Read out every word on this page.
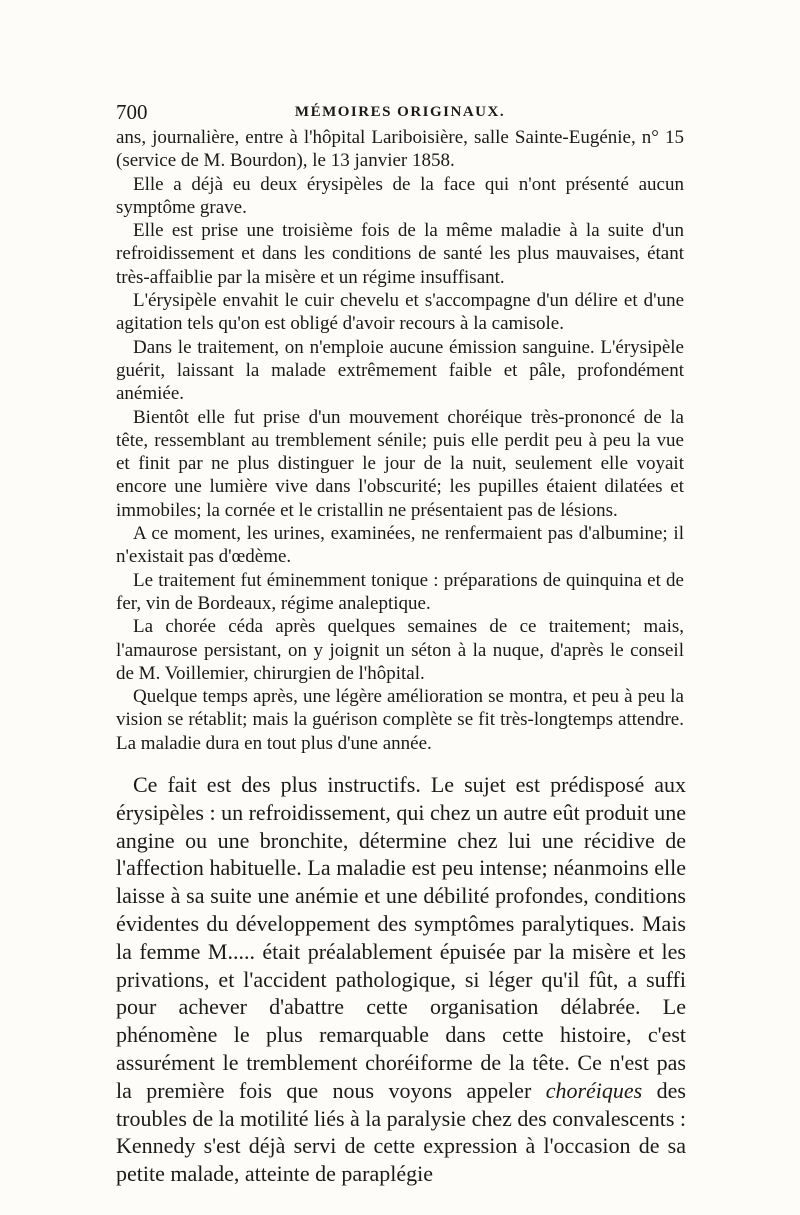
700	MÉMOIRES ORIGINAUX.

ans, journalière, entre à l'hôpital Lariboisière, salle Sainte-Eugénie, n° 15 (service de M. Bourdon), le 13 janvier 1858.

Elle a déjà eu deux érysipèles de la face qui n'ont présenté aucun symptôme grave.

Elle est prise une troisième fois de la même maladie à la suite d'un refroidissement et dans les conditions de santé les plus mauvaises, étant très-affaiblie par la misère et un régime insuffisant.

L'érysipèle envahit le cuir chevelu et s'accompagne d'un délire et d'une agitation tels qu'on est obligé d'avoir recours à la camisole.

Dans le traitement, on n'emploie aucune émission sanguine. L'érysipèle guérit, laissant la malade extrêmement faible et pâle, profondément anémiée.

Bientôt elle fut prise d'un mouvement choréique très-prononcé de la tête, ressemblant au tremblement sénile; puis elle perdit peu à peu la vue et finit par ne plus distinguer le jour de la nuit, seulement elle voyait encore une lumière vive dans l'obscurité; les pupilles étaient dilatées et immobiles; la cornée et le cristallin ne présentaient pas de lésions.

A ce moment, les urines, examinées, ne renfermaient pas d'albumine; il n'existait pas d'œdème.

Le traitement fut éminemment tonique : préparations de quinquina et de fer, vin de Bordeaux, régime analeptique.

La chorée céda après quelques semaines de ce traitement; mais, l'amaurose persistant, on y joignit un séton à la nuque, d'après le conseil de M. Voillemier, chirurgien de l'hôpital.

Quelque temps après, une légère amélioration se montra, et peu à peu la vision se rétablit; mais la guérison complète se fit très-longtemps attendre. La maladie dura en tout plus d'une année.

Ce fait est des plus instructifs. Le sujet est prédisposé aux érysipèles : un refroidissement, qui chez un autre eût produit une angine ou une bronchite, détermine chez lui une récidive de l'affection habituelle. La maladie est peu intense; néanmoins elle laisse à sa suite une anémie et une débilité profondes, conditions évidentes du développement des symptômes paralytiques. Mais la femme M..... était préalablement épuisée par la misère et les privations, et l'accident pathologique, si léger qu'il fût, a suffi pour achever d'abattre cette organisation délabrée. Le phénomène le plus remarquable dans cette histoire, c'est assurément le tremblement choréiforme de la tête. Ce n'est pas la première fois que nous voyons appeler choréiques des troubles de la motilité liés à la paralysie chez des convalescents : Kennedy s'est déjà servi de cette expression à l'occasion de sa petite malade, atteinte de paraplégie
